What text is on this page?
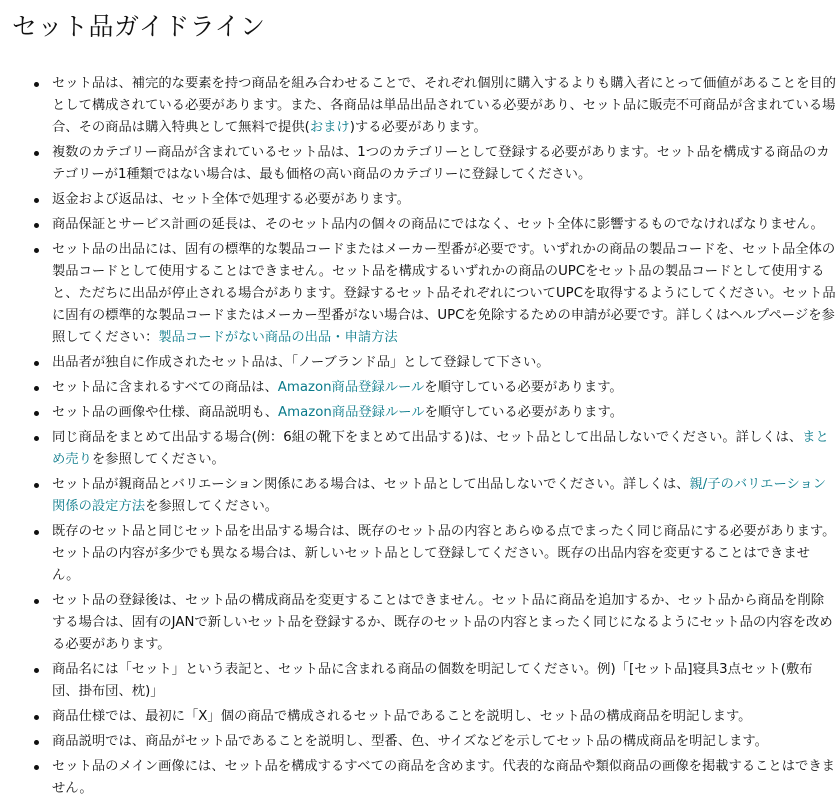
セット品ガイドライン
セット品は、補完的な要素を持つ商品を組み合わせることで、それぞれ個別に購入するよりも購入者にとって価値があることを目的として構成されている必要があります。また、各商品は単品出品されている必要があり、セット品に販売不可商品が含まれている場合、その商品は購入特典として無料で提供(おまけ)する必要があります。
複数のカテゴリー商品が含まれているセット品は、1つのカテゴリーとして登録する必要があります。セット品を構成する商品のカテゴリーが1種類ではない場合は、最も価格の高い商品のカテゴリーに登録してください。
返金および返品は、セット全体で処理する必要があります。
商品保証とサービス計画の延長は、そのセット品内の個々の商品にではなく、セット全体に影響するものでなければなりません。
セット品の出品には、固有の標準的な製品コードまたはメーカー型番が必要です。いずれかの商品の製品コードを、セット品全体の製品コードとして使用することはできません。セット品を構成するいずれかの商品のUPCをセット品の製品コードとして使用すると、ただちに出品が停止される場合があります。登録するセット品それぞれについてUPCを取得するようにしてください。セット品に固有の標準的な製品コードまたはメーカー型番がない場合は、UPCを免除するための申請が必要です。詳しくはヘルプページを参照してください：製品コードがない商品の出品・申請方法
出品者が独自に作成されたセット品は、「ノーブランド品」として登録して下さい。
セット品に含まれるすべての商品は、Amazon商品登録ルールを順守している必要があります。
セット品の画像や仕様、商品説明も、Amazon商品登録ルールを順守している必要があります。
同じ商品をまとめて出品する場合(例：6組の靴下をまとめて出品する)は、セット品として出品しないでください。詳しくは、まとめ売りを参照してください。
セット品が親商品とバリエーション関係にある場合は、セット品として出品しないでください。詳しくは、親/子のバリエーション関係の設定方法を参照してください。
既存のセット品と同じセット品を出品する場合は、既存のセット品の内容とあらゆる点でまったく同じ商品にする必要があります。セット品の内容が多少でも異なる場合は、新しいセット品として登録してください。既存の出品内容を変更することはできません。
セット品の登録後は、セット品の構成商品を変更することはできません。セット品に商品を追加するか、セット品から商品を削除する場合は、固有のJANで新しいセット品を登録するか、既存のセット品の内容とまったく同じになるようにセット品の内容を改める必要があります。
商品名には「セット」という表記と、セット品に含まれる商品の個数を明記してください。例)「[セット品]寝具3点セット(敷布団、掛布団、枕)」
商品仕様では、最初に「X」個の商品で構成されるセット品であることを説明し、セット品の構成商品を明記します。
商品説明では、商品がセット品であることを説明し、型番、色、サイズなどを示してセット品の構成商品を明記します。
セット品のメイン画像には、セット品を構成するすべての商品を含めます。代表的な商品や類似商品の画像を掲載することはできません。
